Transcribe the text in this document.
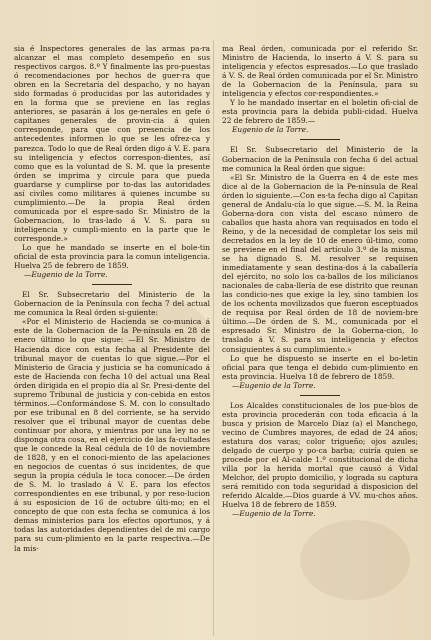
sia é Inspectores generales de las armas pa-ra alcanzar el mas completo desempeño en sus respectivos cargos. 8.º Y finalmente las pro-puestas ó recomendaciones por hechos de guer-ra que obren en la Secretaría del despacho, y no hayan sido formadas ó producidas por las autoridades y en la forma que se previene en las reglas anteriores, se pasarán á los ge-nerales en gefe ó capitanes generales de provin-cia á quien corresponde, para que con presencia de los antecedentes informen lo que se les ofrez-ca y parezca. Todo lo que de Real órden digo á V. E. para su inteligencia y efectos correspon-dientes, así como que es la voluntad de S. M. que la presente órden se imprima y circule para que pueda guardarse y cumplirse por to-das las autoridades así civiles como militares á quienes incumbe su cumplimiento.—De la propia Real órden comunicada por el espre-sado Sr. Ministro de la Gobernacion, lo tras-lado á V. S. para su inteligencia y cumpli-miento en la parte que le corresponde.»

Lo que he mandado se inserte en el bole-tin oficial de esta provincia para la comun inteligencia. Huelva 25 de febrero de 1859.

—Eugenio de la Torre.

El Sr. Subsecretario del Ministerio de la Gobernacion de la Península con fecha 7 del actual me comunica la Real órden si-guiente:

«Por el Ministerio de Hacienda se co-munica á este de la Gobernacion de la Pe-nínsula en 28 de enero último lo que sigue: —El Sr. Ministro de Hacienda dice con esta fecha al Presidente del tribunal mayor de cuentas lo que sigue.—Por el Ministerio de Gracia y justicia se ha comunicado á este de Hacienda con fecha 10 del actual una Real órden dirigida en el propio dia al Sr. Presi-dente del supremo Tribunal de justicia y con-cebida en estos términos.—Conformándose S. M. con lo consultado por ese tribunal en 8 del corriente, se ha servido resolver que el tribunal mayor de cuentas debe continuar por ahora, y mientras por una ley no se disponga otra cosa, en el ejercicio de las fa-cultades que le concede la Real cédula de 10 de noviembre de 1828, y en el conoci-miento de las apelaciones en negocios de cuentas ó sus incidentes, de que segun la propia cédula le toca conocer.—De órden de S. M. lo traslado á V. E. para los efectos correspondientes en ese tribunal, y por reso-lucion á su esposicion de 16 de octubre últi-mo; en el concepto de que con esta fecha se comunica á los demas ministerios para los efectos oportunos, y á todas las autoridades dependientes del de mi cargo para su cum-plimiento en la parte respectiva.—De la mis-

ma Real órden, comunicada por el referido Sr. Ministro de Hacienda, lo inserto á V. S. para su inteligencia y efectos espresados.—Lo que traslado á V. S. de Real órden comunicada por el Sr. Ministro de la Gobernacion de la Península, para su inteligencia y efectos cor-respondientes.»

Y lo he mandado insertar en el boletin ofi-cial de esta provincia para la debida publi-cidad. Huelva 22 de febrero de 1859.—

Eugenio de la Torre.

El Sr. Subsecretario del Ministerio de la Gobernacion de la Península con fecha 6 del actual me comunica la Real órden que sigue:

«El Sr. Ministro de la Guerra en 4 de este mes dice al de la Gobernacion de la Pe-nínsula de Real órden lo siguiente.—Con es-ta fecha digo al Capitan general de Andalu-cía lo que sigue.—S. M. la Reina Goberna-dora con vista del escaso número de caballos que hasta ahora van requisados en todo el Reino, y de la necesidad de completar los seis mil decretados en la ley de 10 de enero úl-timo, como se previene en el final del artículo 3.º de la misma, se ha dignado S. M. resolver se requisen inmediatamente y sean destina-dos á la caballería del ejército, no solo los ca-ballos de los milicianos nacionales de caba-llería de ese distrito que reunan las condicio-nes que exige la ley, sino tambien los de los ochenta movilizados que fueron esceptuados de requisa por Real órden de 18 de noviem-bre último.—De órden de S. M., comunicada por el espresado Sr. Ministro de la Goberna-cion, lo traslado á V. S. para su inteligencia y efectos consiguientes á su cumplimiento.»

Lo que he dispuesto se inserte en el bo-letin oficial para que tenga el debido cum-plimiento en esta provincia. Huelva 18 de febrero de 1859.

—Eugenio de la Torre.

Los Alcaldes constitucionales de los pue-blos de esta provincia procederán con toda eficacia á la busca y prision de Marcelo Diaz (a) el Manchego, vecino de Cumbres mayores, de edad de 24 años; estatura dos varas; color trigueño; ojos azules; delgado de cuerpo y po-ca barba; cuiría quien se procede por el Al-calde 1.º constitucional de dicha villa por la herida mortal que causó á Vidal Melchor, del propio domicilio, y lograda su captura será remitido con toda seguridad á disposicion del referido Alcalde.—Dios guarde á VV. mu-chos años. Huelva 18 de febrero de 1859.

—Eugenio de la Torre.
